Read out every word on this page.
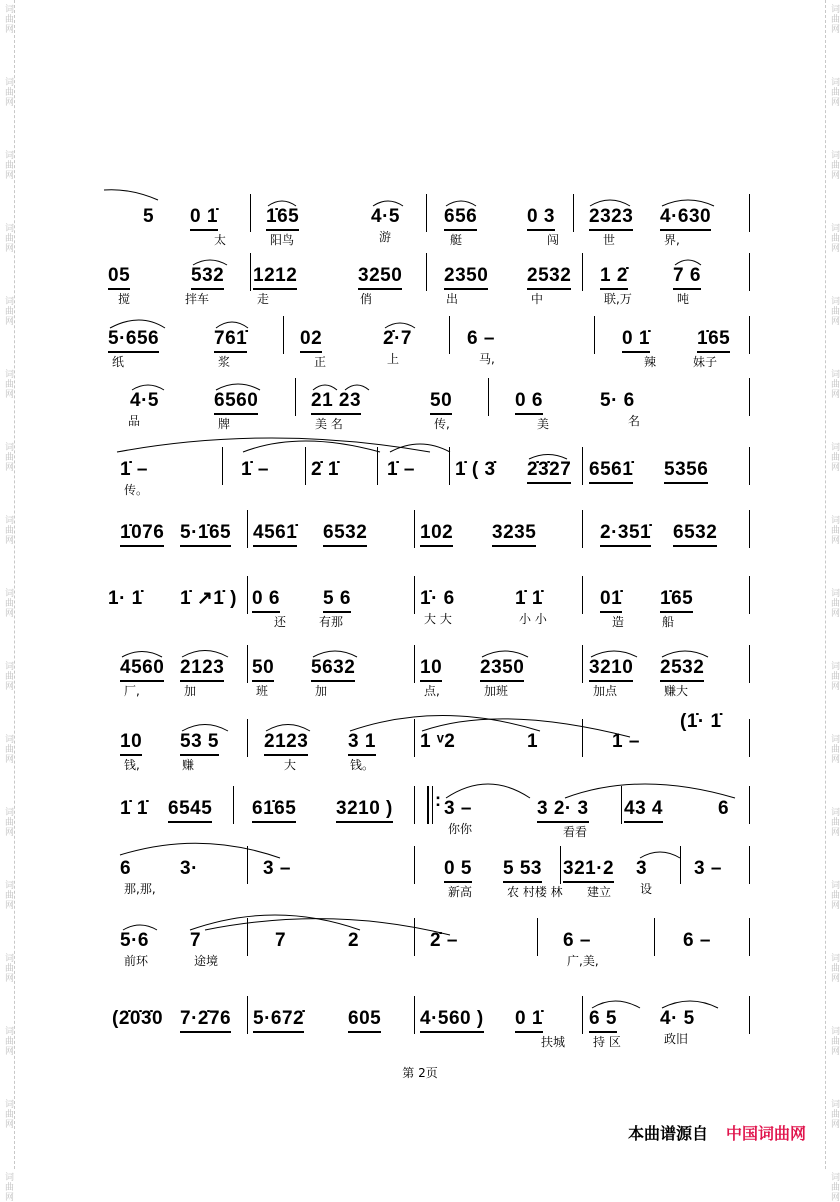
词曲网
词曲网
词曲网
词曲网
词曲网
词曲网
词曲网
词曲网
词曲网
词曲网
词曲网
词曲网
词曲网
词曲网
词曲网
词曲网
词曲网
词曲网
词曲网
词曲网
词曲网
词曲网
词曲网
词曲网
词曲网
词曲网
词曲网
词曲网
词曲网
词曲网
词曲网
词曲网
词曲网
词曲网
5 0 1̇
太
1̇65
阳鸟
4·5
游
656
艇
0 3
闯
2323
世
4·630
界,
05
搅
532
拌车
1212
走
3250
俏
2350
出
2532
中
1 2̇
联,万
7 6
吨
5·656
纸
761̇
浆
02
正
2̇·7
上
6 –
马,
0 1̇
辣
1̇65
妹子
4·5
品
6560
牌
21 23
美 名
50
传,
0 6
美
5· 6
名
1̇ –
传。
1̇ – 2̇ 1̇	1̇ – 1̇ ( 3̇ 2̇3̇27 6561̇ 5356
1̇076 5·1̇65 4561̇ 6532	102 3235	2·351̇ 6532
1· 1̇ 1̇ ↗1̇ ) 0 6
还
5 6
有那
1̇· 6
大 大
1̇ 1̇
小 小
01̇
造
1̇65
船
4560
厂,
2123
加
50
班
5632
加
10
点,
2350
加班
3210
加点
2532
赚大
10
钱,
53 5
赚
2123
大
3 1
钱。
1 ᵛ2	1	1 –
(1̇· 1̇
1̇ 1̇ 6545 61̇65 3210 )	3 –
你你
3 2· 3
看看
43 4	6
:
6
那,那,
3·	3 –	0 5
新高
5 53
农 村楼 林
321·2
建立
3
设
3 –
5·6
前环
7
途境
7	2	2̇ –	6 –
广,美,
6 –
(2̇0̇3̇0 7·2̇76 5·672̇ 605 4·560 ) 0 1̇
扶城
6 5
持 区
4· 5
政旧
第 2页
本曲谱源自 中国词曲网
